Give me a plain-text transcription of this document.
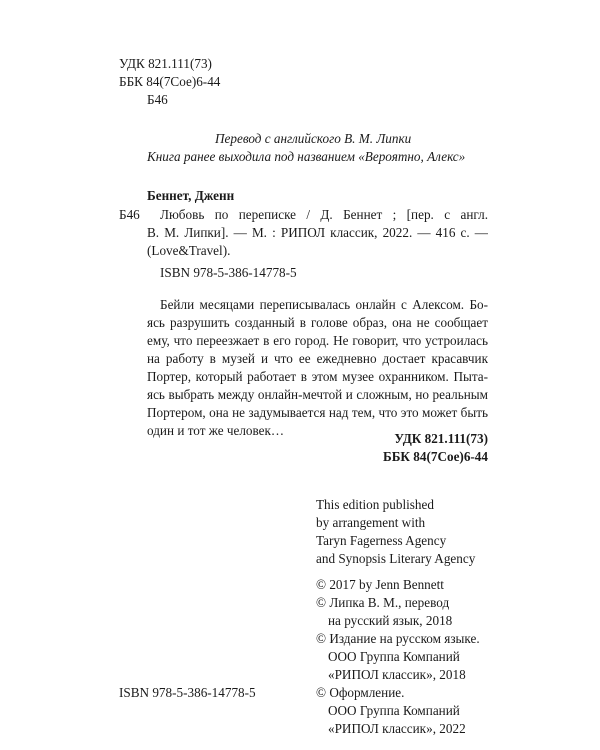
УДК 821.111(73)
ББК 84(7Сое)6-44
Б46
Перевод с английского В. М. Липки
Книга ранее выходила под названием «Вероятно, Алекс»
Беннет, Дженн
Б46 Любовь по переписке / Д. Беннет ; [пер. с англ.
В. М. Липки]. — М. : РИПОЛ классик, 2022. — 416 с. —
(Love&Travel).
ISBN 978-5-386-14778-5
Бейли месяцами переписывалась онлайн с Алексом. Бо-
ясь разрушить созданный в голове образ, она не сообщает
ему, что переезжает в его город. Не говорит, что устроилась
на работу в музей и что ее ежедневно достает красавчик
Портер, который работает в этом музее охранником. Пыта-
ясь выбрать между онлайн-мечтой и сложным, но реальным
Портером, она не задумывается над тем, что это может быть
один и тот же человек…
УДК 821.111(73)
ББК 84(7Сое)6-44
This edition published
by arrangement with
Taryn Fagerness Agency
and Synopsis Literary Agency
© 2017 by Jenn Bennett
© Липка В. М., перевод
на русский язык, 2018
© Издание на русском языке.
ООО Группа Компаний
«РИПОЛ классик», 2018
© Оформление.
ООО Группа Компаний
«РИПОЛ классик», 2022
ISBN 978-5-386-14778-5
